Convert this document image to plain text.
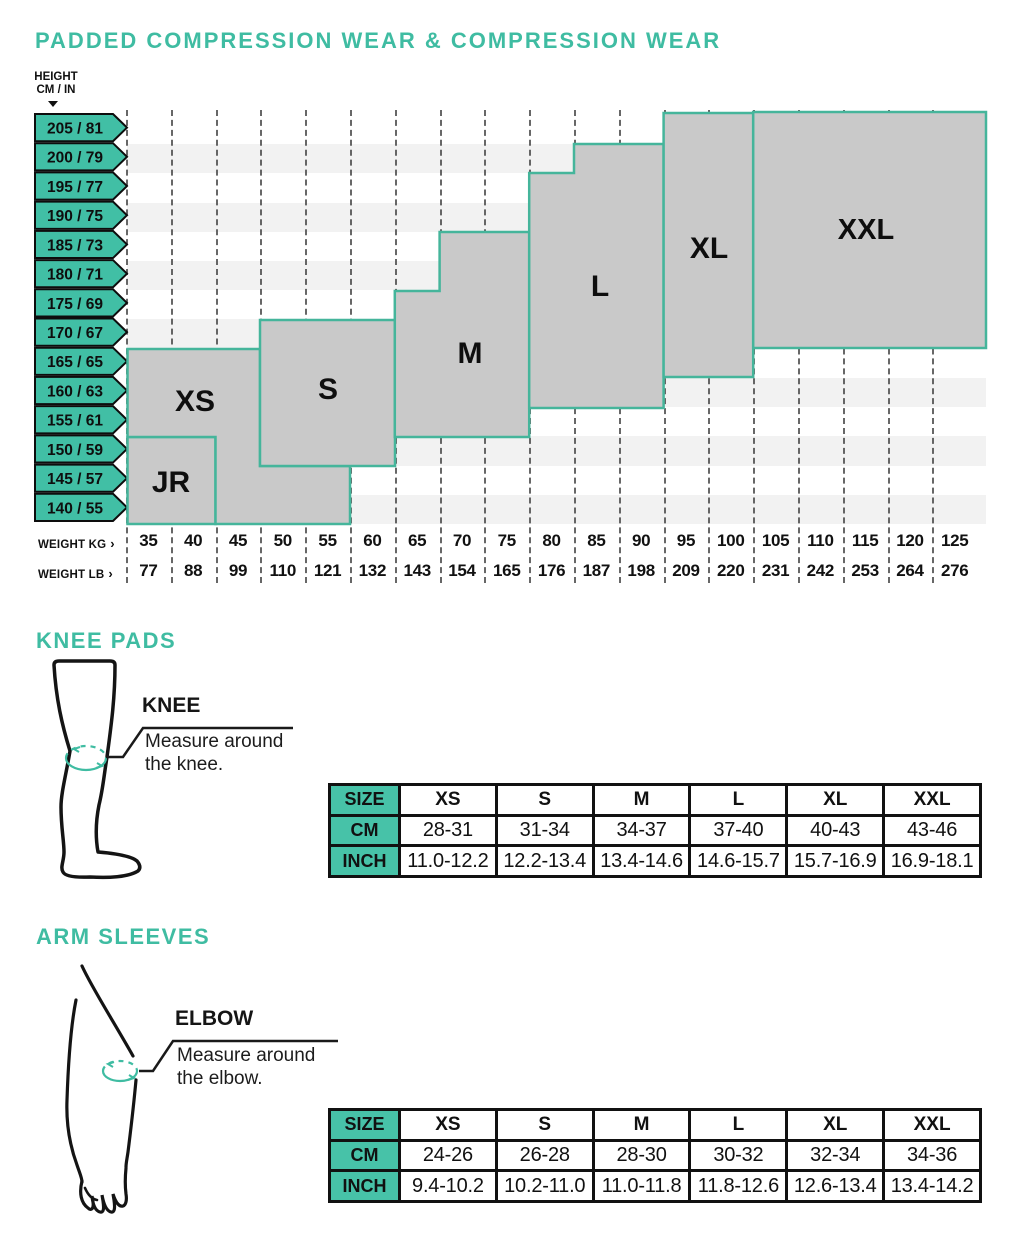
PADDED COMPRESSION WEAR & COMPRESSION WEAR
HEIGHT
CM / IN
205 / 81
200 / 79
195 / 77
190 / 75
185 / 73
180 / 71
175 / 69
170 / 67
165 / 65
160 / 63
155 / 61
150 / 59
145 / 57
140 / 55
JR
XS	S
M
L
XL
XXL
WEIGHT KG ›
WEIGHT LB ›
35	40	45	50	55	60	65	70	75	80	85	90	95	100	105	110	115	120	125
77	88	99	110	121	132	143	154	165	176	187	198	209	220	231	242	253	264	276
KNEE PADS
KNEE
Measure around
the knee.
SIZE	XS	S	M	L	XL	XXL
CM	28-31	31-34	34-37	37-40	40-43	43-46
INCH	11.0-12.2	12.2-13.4	13.4-14.6	14.6-15.7	15.7-16.9	16.9-18.1
ARM SLEEVES
ELBOW
Measure around
the elbow.
SIZE	XS	S	M	L	XL	XXL
CM	24-26	26-28	28-30	30-32	32-34	34-36
INCH	9.4-10.2	10.2-11.0	11.0-11.8	11.8-12.6	12.6-13.4	13.4-14.2
